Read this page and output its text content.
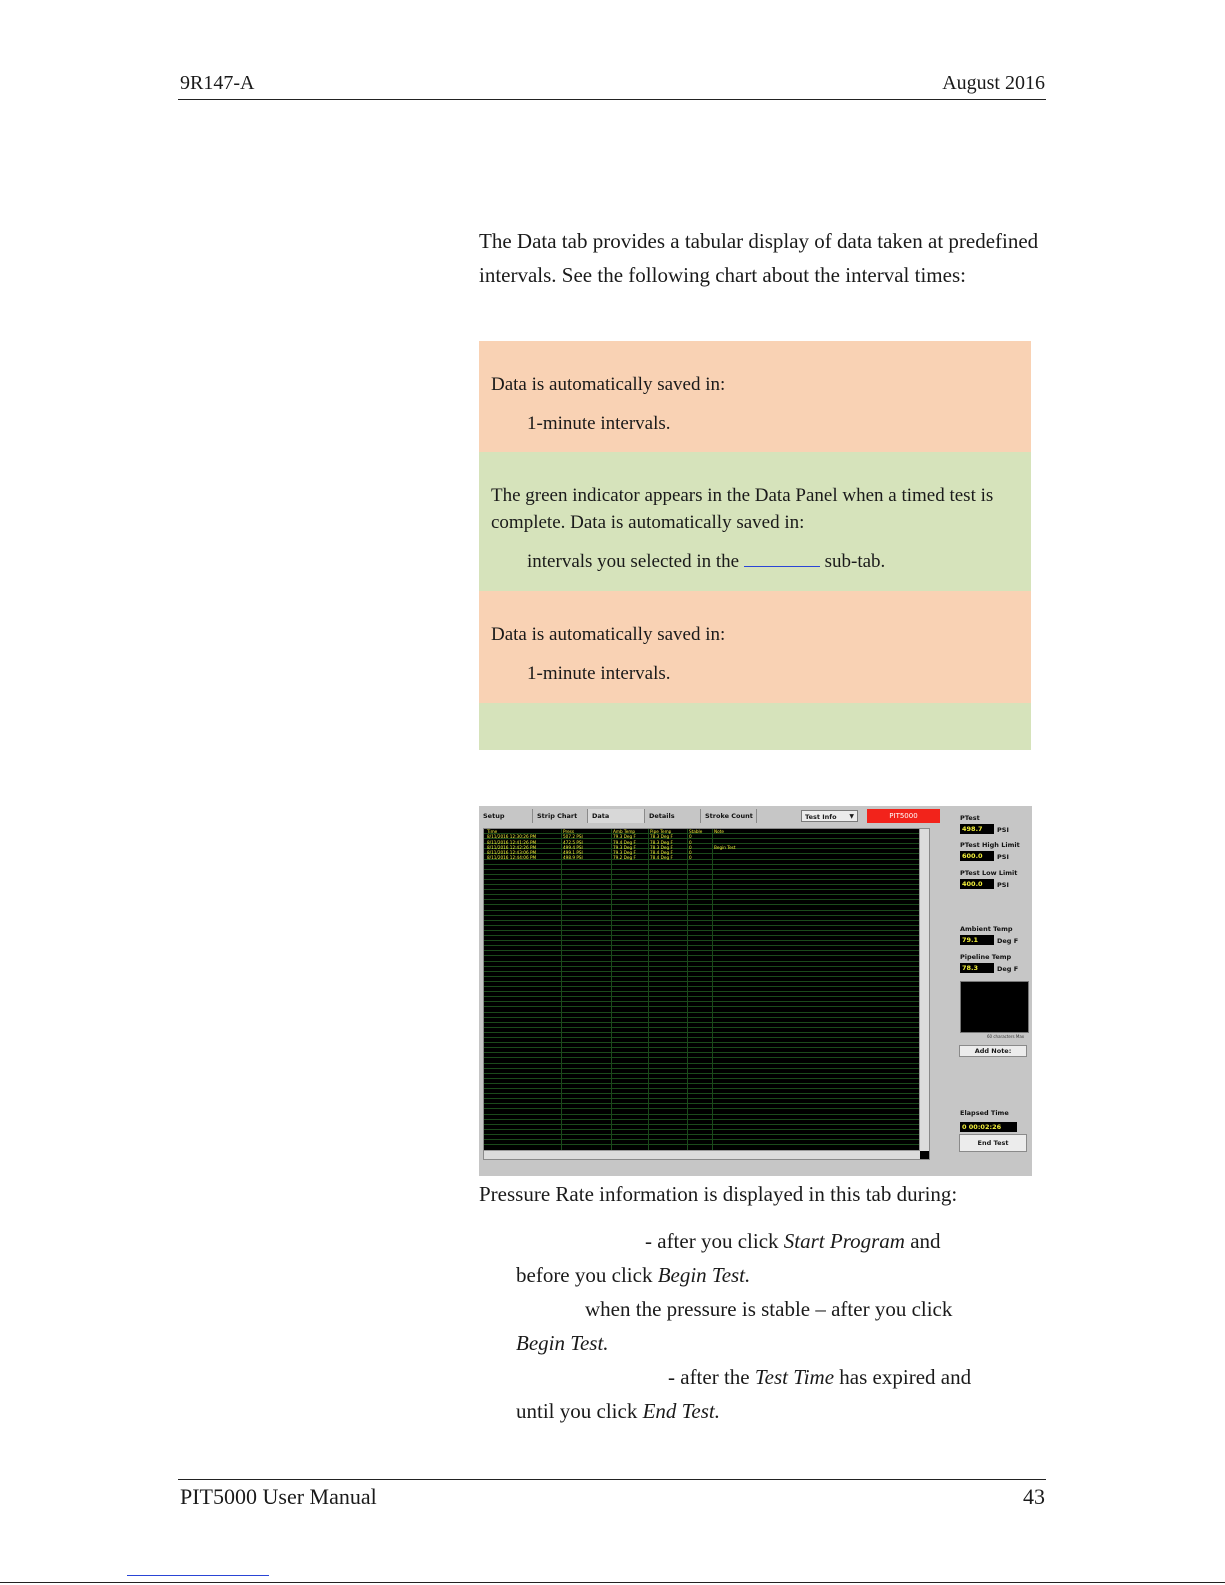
9R147-A	August 2016
The Data tab provides a tabular display of data taken at predefined intervals. See the following chart about the interval times:

Data is automatically saved in:

1-minute intervals.

The green indicator appears in the Data Panel when a timed test is complete. Data is automatically saved in:

intervals you selected in the	sub-tab.

Data is automatically saved in:

1-minute intervals.

Setup	Strip Chart	Data	Details	Stroke Count	Test Info ▼	PIT5000
Time	Press	Amb Temp	Pipe Temp	Stable	Note
8/11/2016 12:30:26 PM	507.2 PSI	79.3 Deg F	78.3 Deg F	0
8/11/2016 12:41:26 PM	472.5 PSI	79.4 Deg F	78.3 Deg F	0
8/11/2016 12:42:26 PM	499.4 PSI	79.3 Deg F	78.3 Deg F	0	Begin Test
8/11/2016 12:43:06 PM	499.1 PSI	79.3 Deg F	78.4 Deg F	0
8/11/2016 12:44:06 PM	498.9 PSI	79.2 Deg F	78.4 Deg F	0
PTest
498.7	PSI
PTest High Limit
600.0	PSI
PTest Low Limit
400.0	PSI
Ambient Temp
79.1	Deg F
Pipeline Temp
78.3	Deg F
60 characters Max
Add Note:
Elapsed Time
0 00:02:26
End Test
Pressure Rate information is displayed in this tab during:
- after you click Start Program and
before you click Begin Test.
when the pressure is stable – after you click
Begin Test.
- after the Test Time has expired and
until you click End Test.
PIT5000 User Manual	43
